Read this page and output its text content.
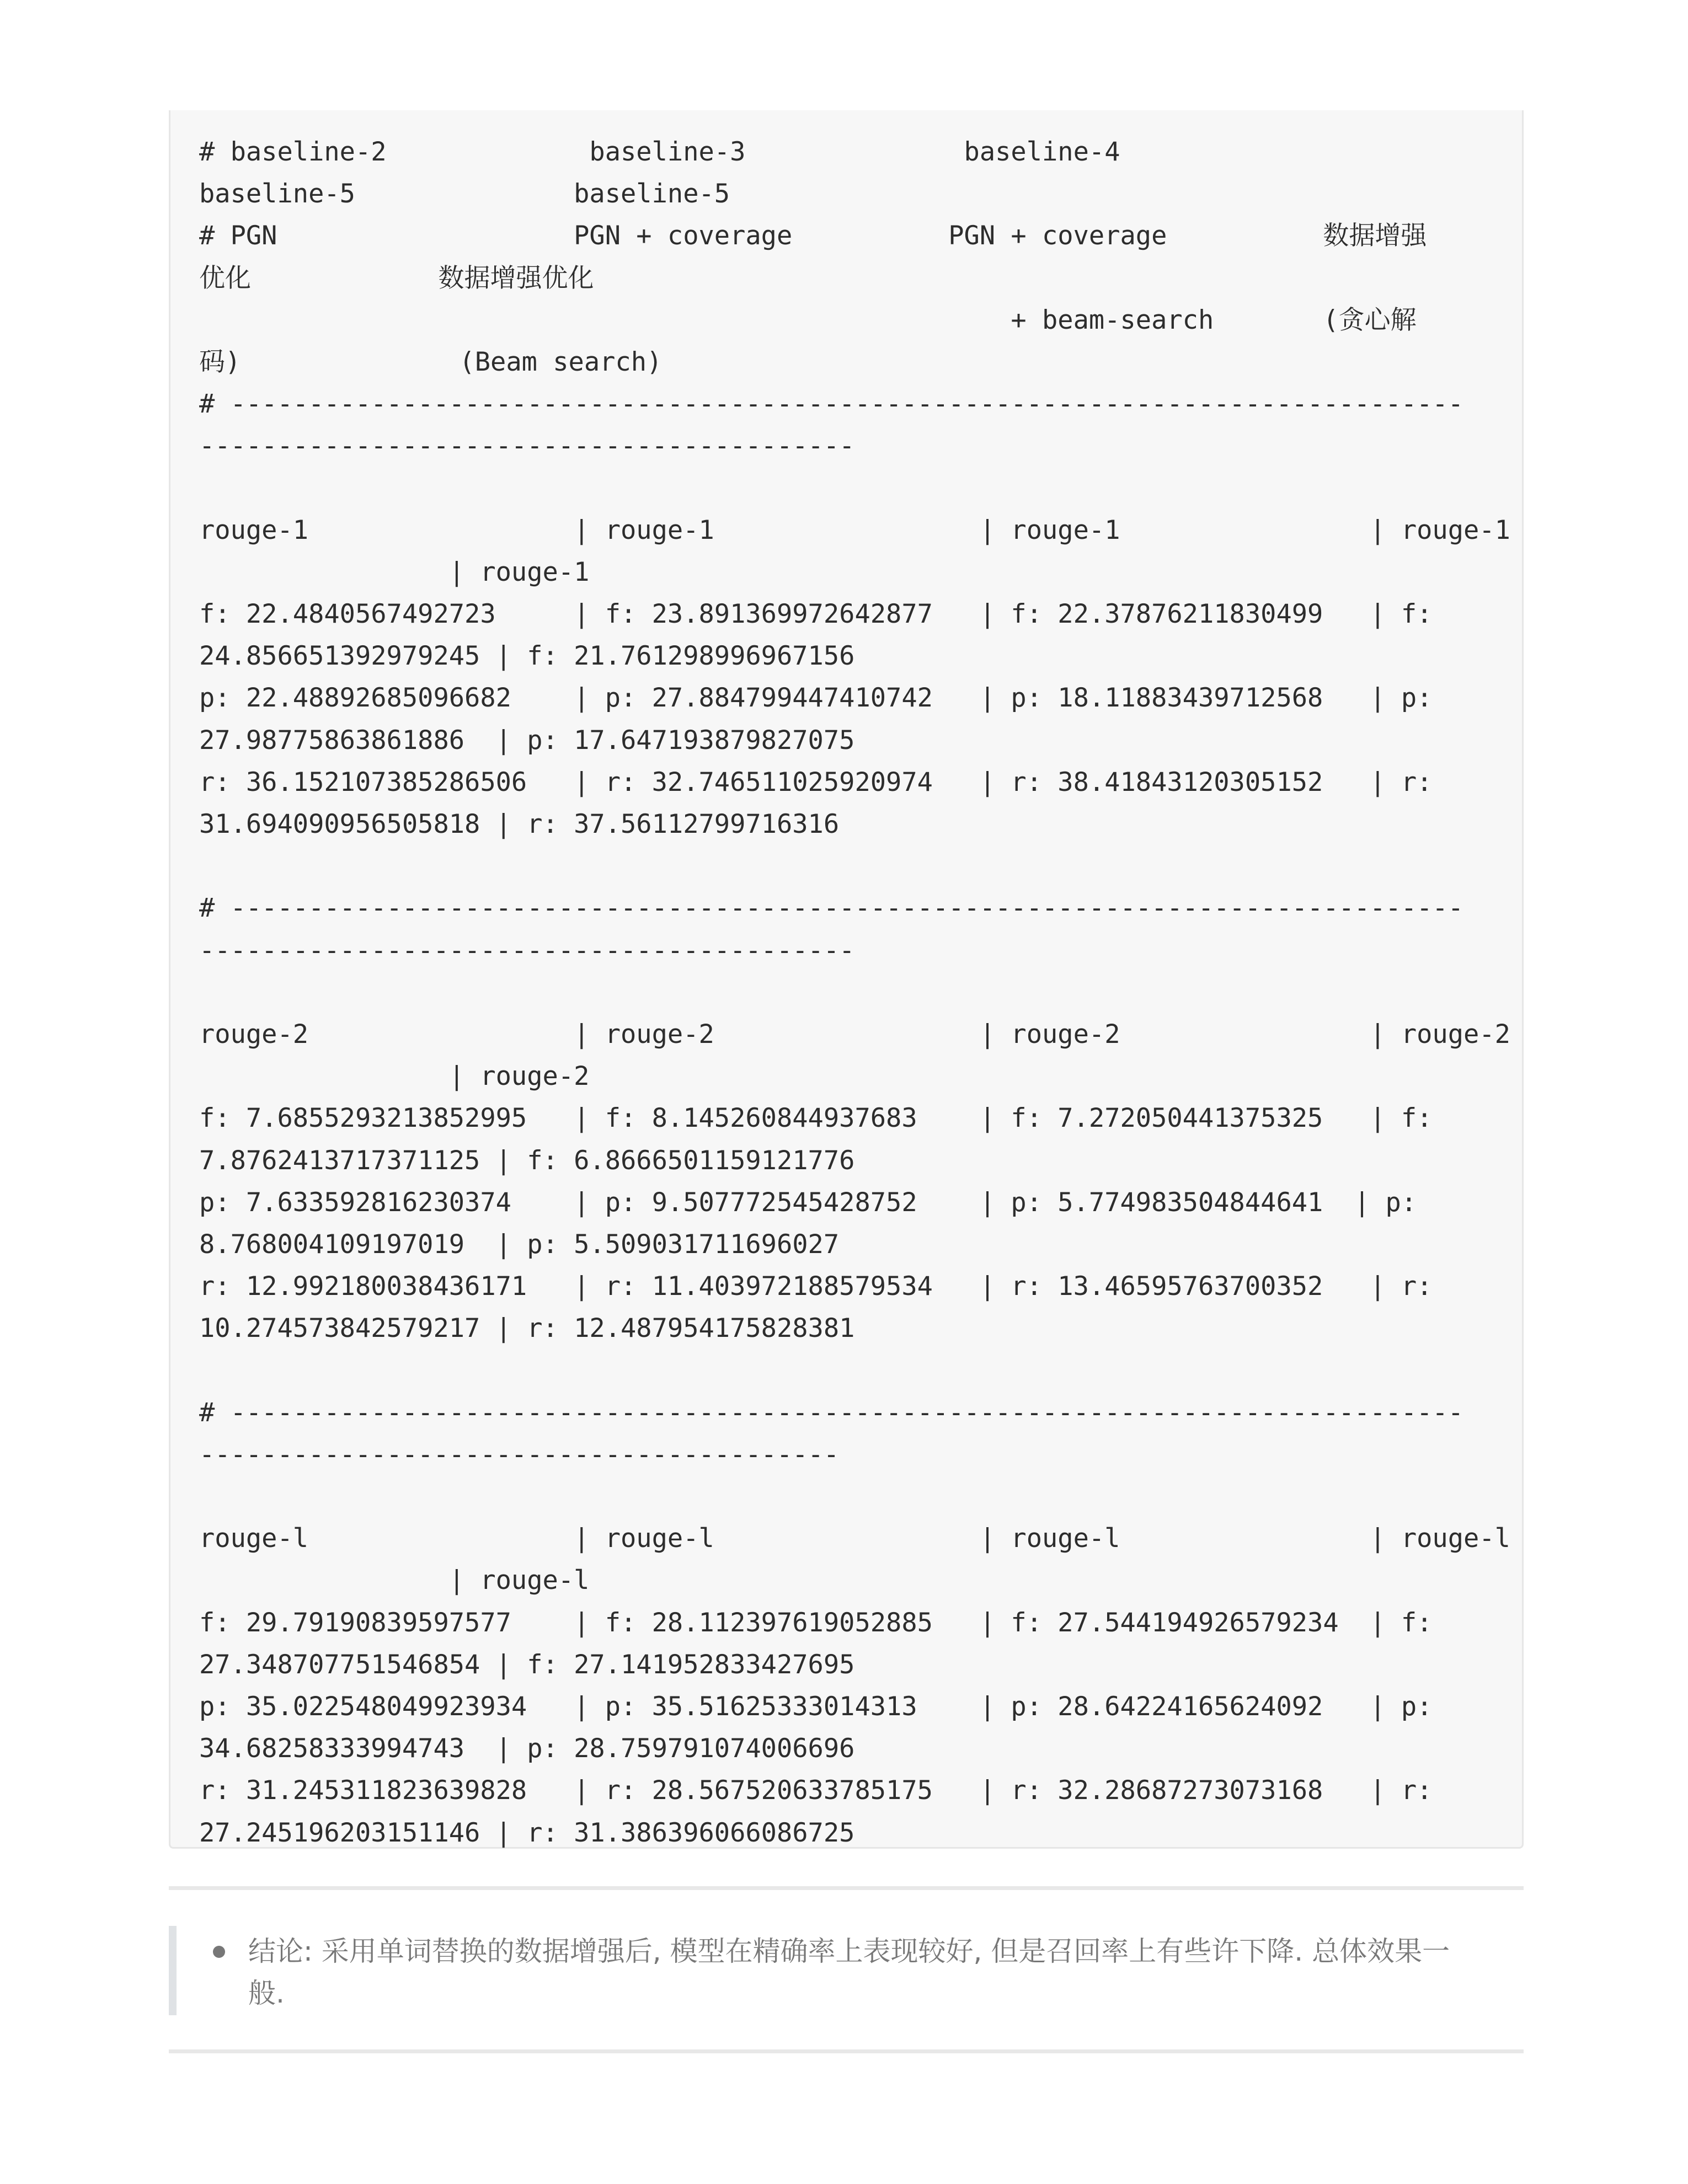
# baseline-2             baseline-3              baseline-4
baseline-5              baseline-5
# PGN                   PGN + coverage          PGN + coverage          数据增强
优化            数据增强优化
+ beam-search       (贪心解
码)              (Beam search)
# -------------------------------------------------------------------------------
------------------------------------------
rouge-1                 | rouge-1                 | rouge-1                | rouge-1
| rouge-1
f: 22.4840567492723     | f: 23.891369972642877   | f: 22.37876211830499   | f:
24.856651392979245 | f: 21.761298996967156
p: 22.48892685096682    | p: 27.884799447410742   | p: 18.11883439712568   | p:
27.98775863861886  | p: 17.647193879827075
r: 36.152107385286506   | r: 32.746511025920974   | r: 38.41843120305152   | r:
31.694090956505818 | r: 37.56112799716316
# -------------------------------------------------------------------------------
------------------------------------------
rouge-2                 | rouge-2                 | rouge-2                | rouge-2
| rouge-2
f: 7.6855293213852995   | f: 8.145260844937683    | f: 7.272050441375325   | f:
7.8762413717371125 | f: 6.8666501159121776
p: 7.633592816230374    | p: 9.507772545428752    | p: 5.774983504844641  | p:
8.768004109197019  | p: 5.509031711696027
r: 12.992180038436171   | r: 11.403972188579534   | r: 13.46595763700352   | r:
10.274573842579217 | r: 12.487954175828381
# -------------------------------------------------------------------------------
-----------------------------------------
rouge-l                 | rouge-l                 | rouge-l                | rouge-l
| rouge-l
f: 29.79190839597577    | f: 28.112397619052885   | f: 27.544194926579234  | f:
27.348707751546854 | f: 27.141952833427695
p: 35.022548049923934   | p: 35.51625333014313    | p: 28.64224165624092   | p:
34.68258333994743  | p: 28.759791074006696
r: 31.245311823639828   | r: 28.567520633785175   | r: 32.28687273073168   | r:
27.245196203151146 | r: 31.386396066086725
结论: 采用单词替换的数据增强后, 模型在精确率上表现较好, 但是召回率上有些许下降. 总体效果一般.
